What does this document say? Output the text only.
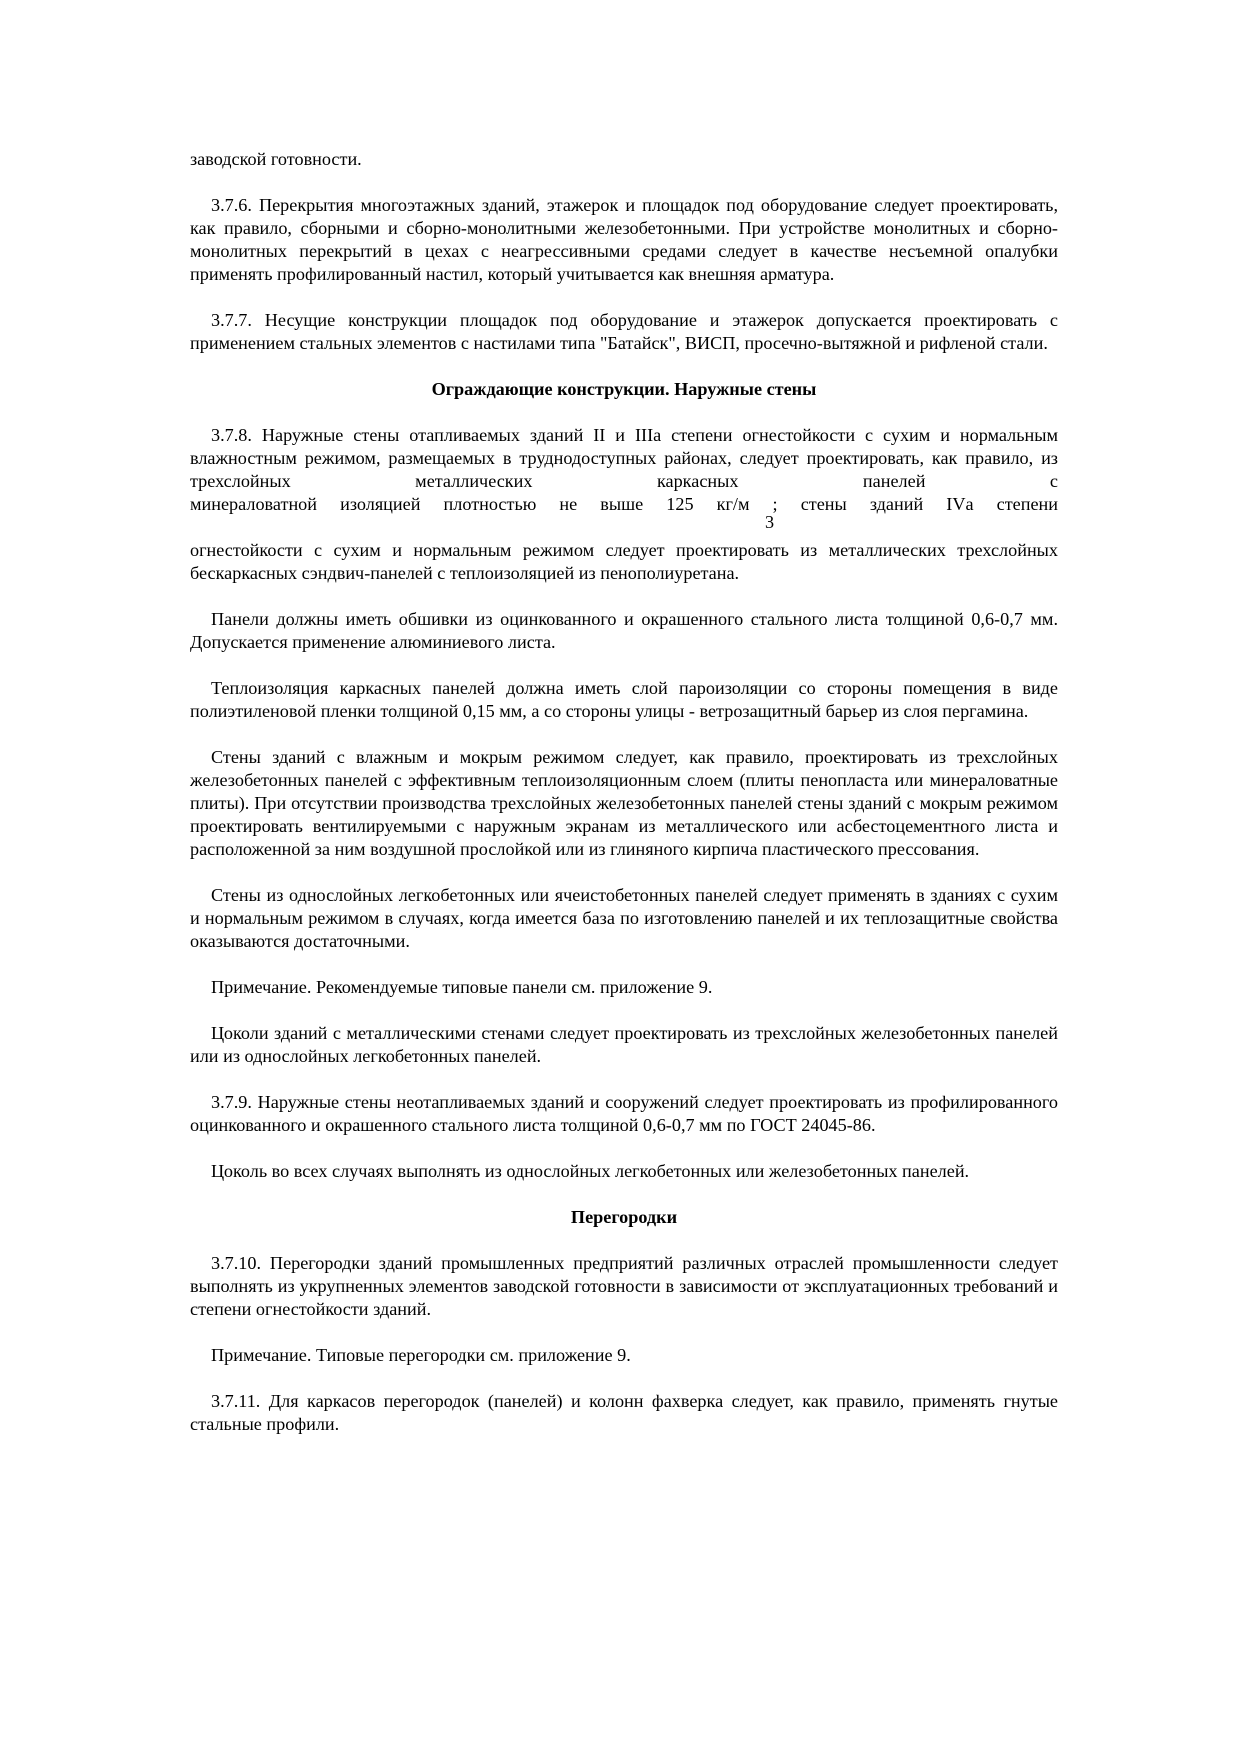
заводской готовности.

3.7.6. Перекрытия многоэтажных зданий, этажерок и площадок под оборудование следует проектировать, как правило, сборными и сборно-монолитными железобетонными. При устройстве монолитных и сборно-монолитных перекрытий в цехах с неагрессивными средами следует в качестве несъемной опалубки применять профилированный настил, который учитывается как внешняя арматура.

3.7.7. Несущие конструкции площадок под оборудование и этажерок допускается проектировать с применением стальных элементов с настилами типа "Батайск", ВИСП, просечно-вытяжной и рифленой стали.

Ограждающие конструкции. Наружные стены

3.7.8. Наружные стены отапливаемых зданий II и IIIа степени огнестойкости с сухим и нормальным влажностным режимом, размещаемых в труднодоступных районах, следует проектировать, как правило, из трехслойных металлических каркасных панелей с

минераловатной изоляцией плотностью не выше 125 кг/м ; стены зданий IVа степени

3

огнестойкости с сухим и нормальным режимом следует проектировать из металлических трехслойных бескаркасных сэндвич-панелей с теплоизоляцией из пенополиуретана.

Панели должны иметь обшивки из оцинкованного и окрашенного стального листа толщиной 0,6-0,7 мм. Допускается применение алюминиевого листа.

Теплоизоляция каркасных панелей должна иметь слой пароизоляции со стороны помещения в виде полиэтиленовой пленки толщиной 0,15 мм, а со стороны улицы - ветрозащитный барьер из слоя пергамина.

Стены зданий с влажным и мокрым режимом следует, как правило, проектировать из трехслойных железобетонных панелей с эффективным теплоизоляционным слоем (плиты пенопласта или минераловатные плиты). При отсутствии производства трехслойных железобетонных панелей стены зданий с мокрым режимом проектировать вентилируемыми с наружным экранам из металлического или асбестоцементного листа и расположенной за ним воздушной прослойкой или из глиняного кирпича пластического прессования.

Стены из однослойных легкобетонных или ячеистобетонных панелей следует применять в зданиях с сухим и нормальным режимом в случаях, когда имеется база по изготовлению панелей и их теплозащитные свойства оказываются достаточными.

Примечание. Рекомендуемые типовые панели см. приложение 9.

Цоколи зданий с металлическими стенами следует проектировать из трехслойных железобетонных панелей или из однослойных легкобетонных панелей.

3.7.9. Наружные стены неотапливаемых зданий и сооружений следует проектировать из профилированного оцинкованного и окрашенного стального листа толщиной 0,6-0,7 мм по ГОСТ 24045-86.

Цоколь во всех случаях выполнять из однослойных легкобетонных или железобетонных панелей.

Перегородки

3.7.10. Перегородки зданий промышленных предприятий различных отраслей промышленности следует выполнять из укрупненных элементов заводской готовности в зависимости от эксплуатационных требований и степени огнестойкости зданий.

Примечание. Типовые перегородки см. приложение 9.

3.7.11. Для каркасов перегородок (панелей) и колонн фахверка следует, как правило, применять гнутые стальные профили.
